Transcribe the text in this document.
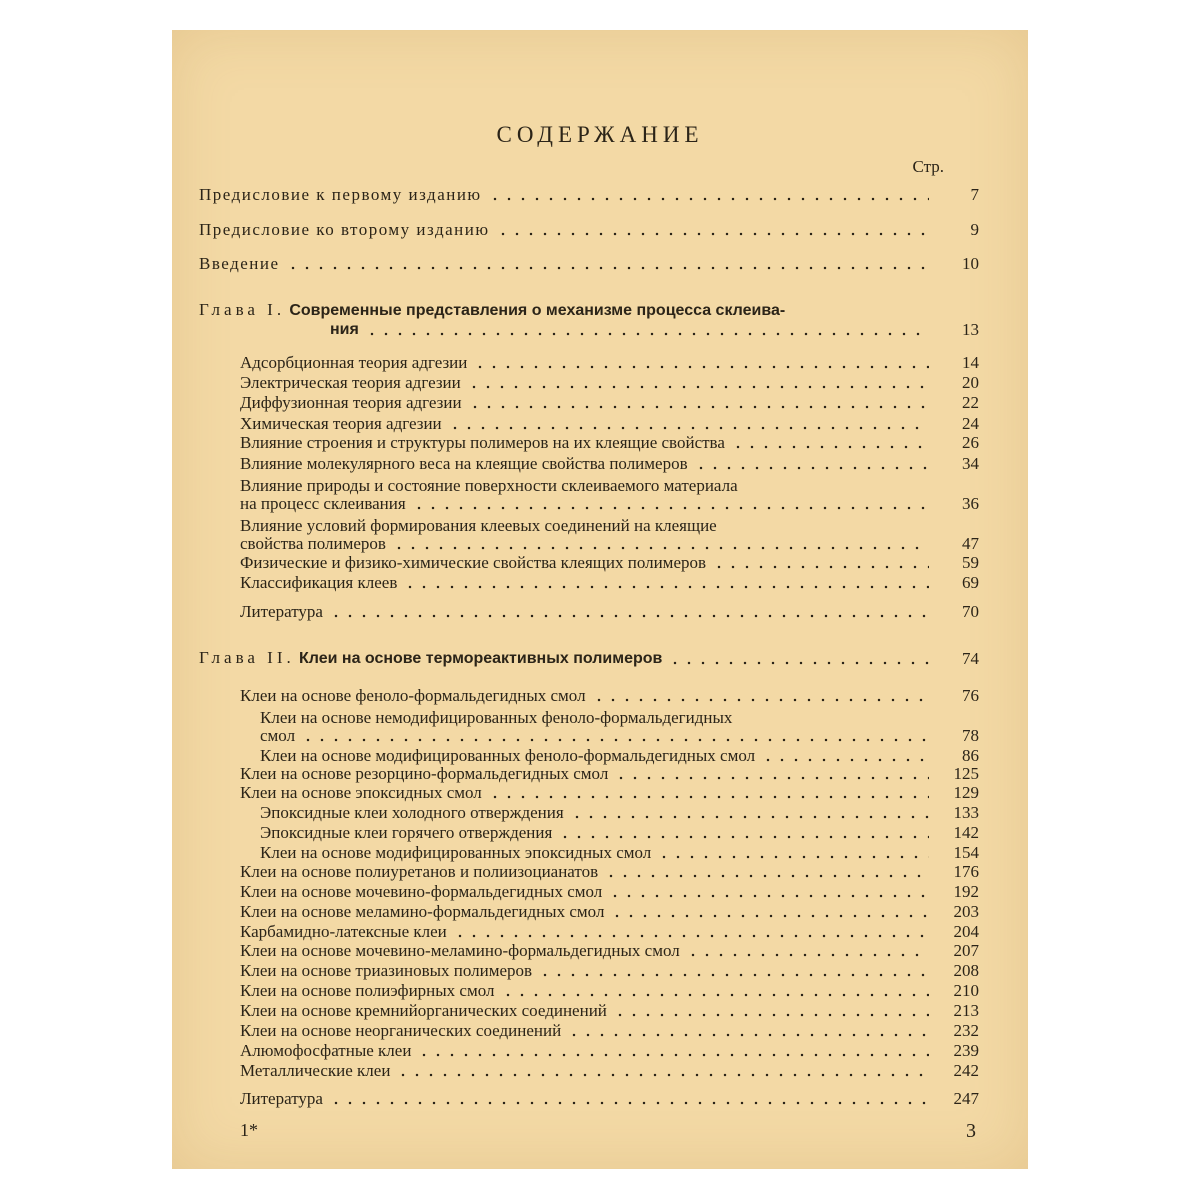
СОДЕРЖАНИЕ
Стр.
Предисловие к первому изданию	7
Предисловие ко второму изданию	9
Введение	10
Глава I. Современные представления о механизме процесса склеива-
ния	13
Адсорбционная теория адгезии	14
Электрическая теория адгезии	20
Диффузионная теория адгезии	22
Химическая теория адгезии	24
Влияние строения и структуры полимеров на их клеящие свойства	26
Влияние молекулярного веса на клеящие свойства полимеров	34
Влияние природы и состояние поверхности склеиваемого материала
на процесс склеивания	36
Влияние условий формирования клеевых соединений на клеящие
свойства полимеров	47
Физические и физико-химические свойства клеящих полимеров	59
Классификация клеев	69
Литература	70
Глава II. Клеи на основе термореактивных полимеров	74
Клеи на основе феноло-формальдегидных смол	76
Клеи на основе немодифицированных феноло-формальдегидных
смол	78
Клеи на основе модифицированных феноло-формальдегидных смол	86
Клеи на основе резорцино-формальдегидных смол	125
Клеи на основе эпоксидных смол	129
Эпоксидные клеи холодного отверждения	133
Эпоксидные клеи горячего отверждения	142
Клеи на основе модифицированных эпоксидных смол	154
Клеи на основе полиуретанов и полиизоцианатов	176
Клеи на основе мочевино-формальдегидных смол	192
Клеи на основе меламино-формальдегидных смол	203
Карбамидно-латексные клеи	204
Клеи на основе мочевино-меламино-формальдегидных смол	207
Клеи на основе триазиновых полимеров	208
Клеи на основе полиэфирных смол	210
Клеи на основе кремнийорганических соединений	213
Клеи на основе неорганических соединений	232
Алюмофосфатные клеи	239
Металлические клеи	242
Литература	247
1*	3
